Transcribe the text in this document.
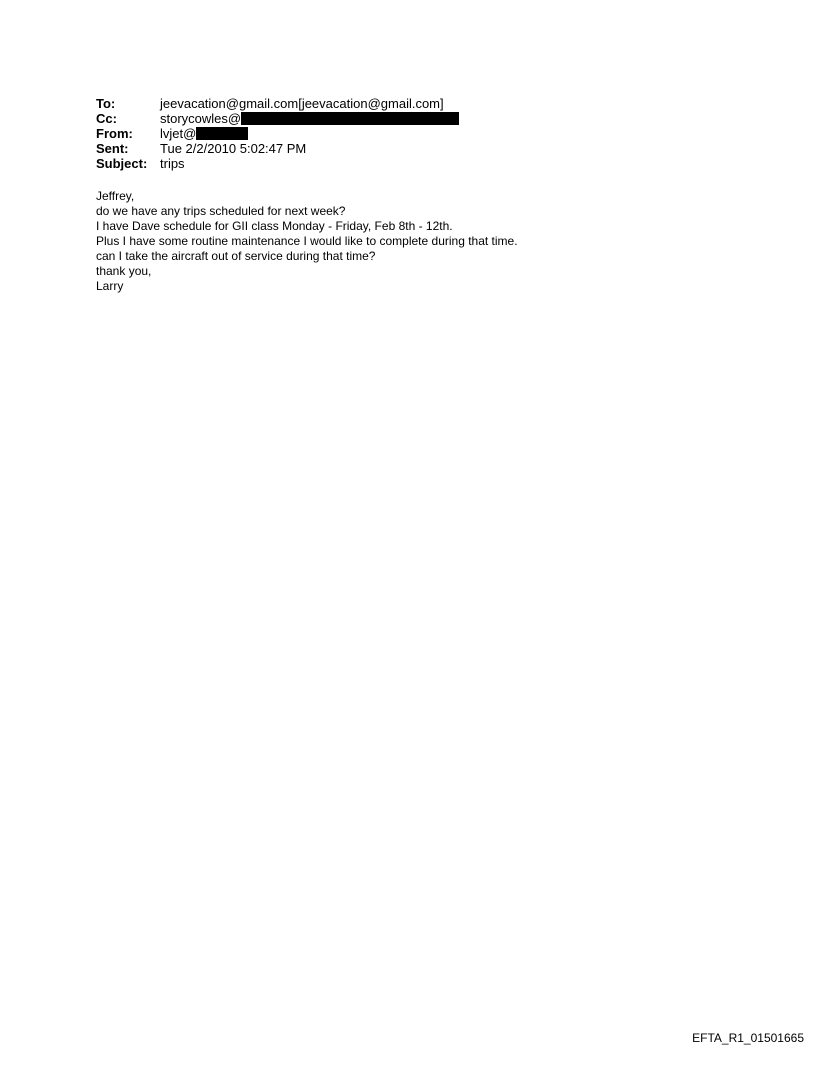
To:	jeevacation@gmail.com[jeevacation@gmail.com]
Cc:	storycowles@
From:	lvjet@
Sent:	Tue 2/2/2010 5:02:47 PM
Subject: trips
Jeffrey,
do we have any trips scheduled for next week?
I have Dave schedule for GII class Monday - Friday, Feb 8th - 12th.
Plus I have some routine maintenance I would like to complete during that time.
can I take the aircraft out of service during that time?
thank you,
Larry
EFTA_R1_01501665
